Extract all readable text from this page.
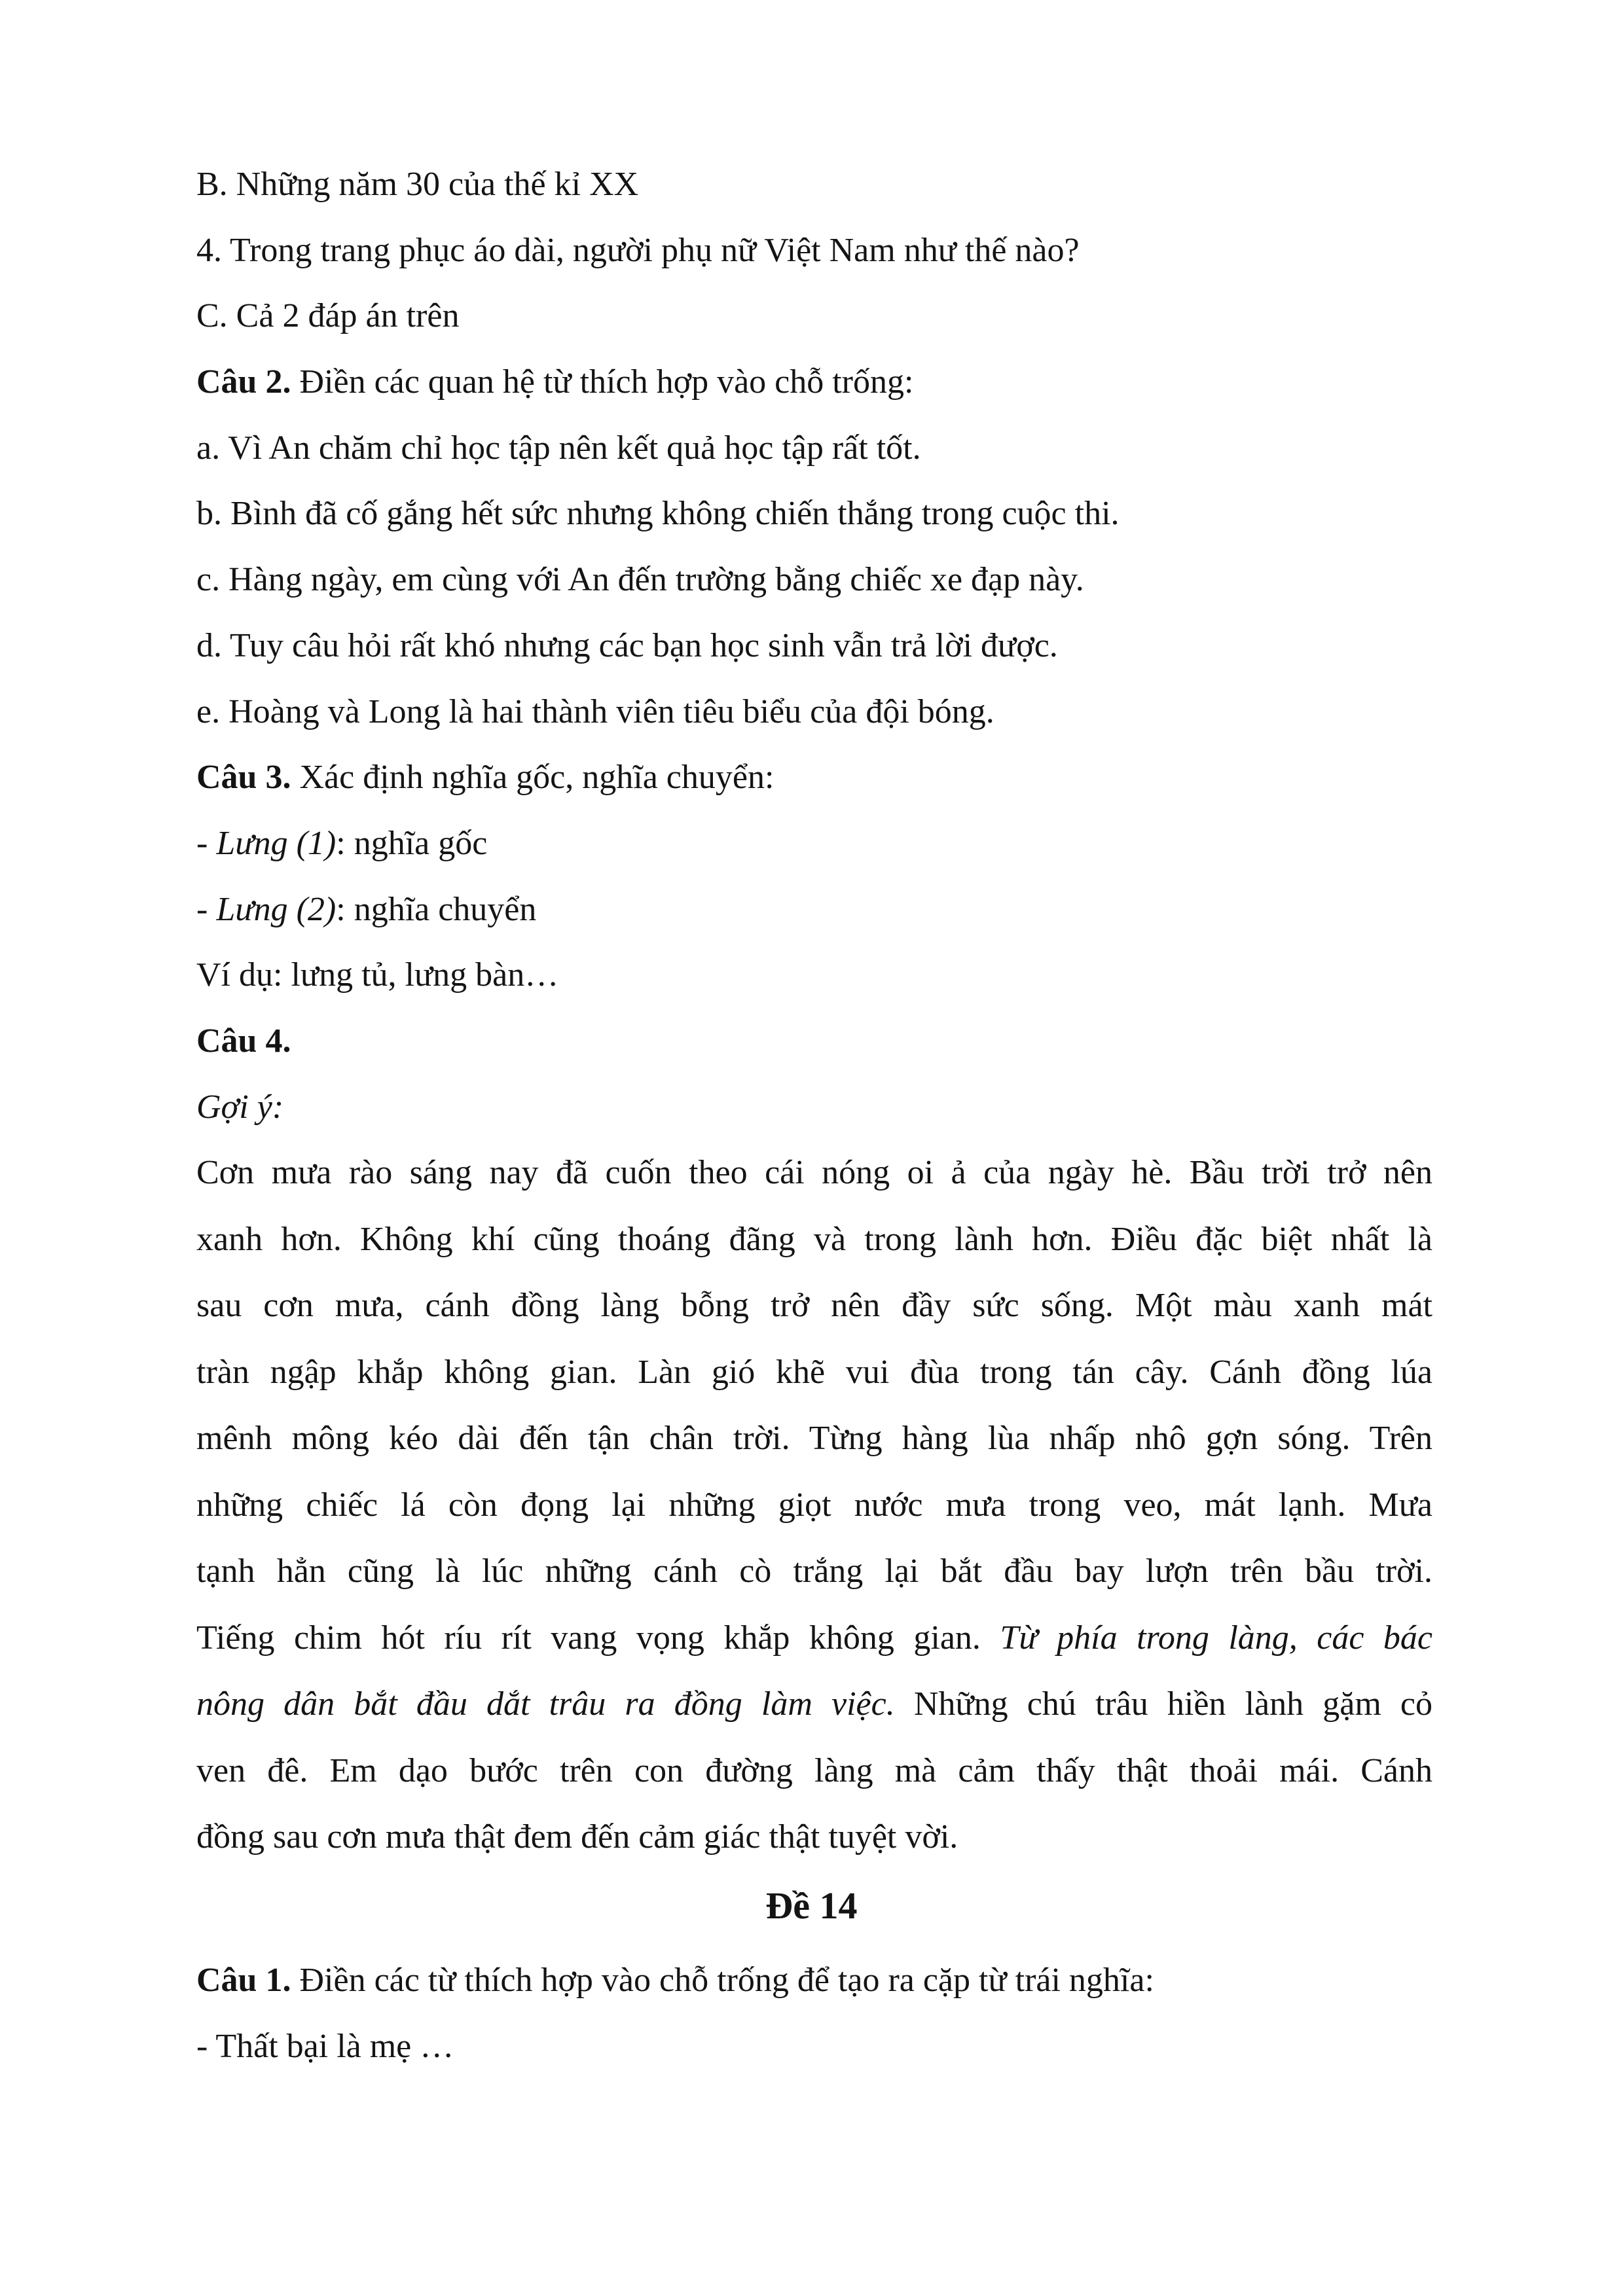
B. Những năm 30 của thế kỉ XX

4. Trong trang phục áo dài, người phụ nữ Việt Nam như thế nào?

C. Cả 2 đáp án trên

Câu 2. Điền các quan hệ từ thích hợp vào chỗ trống:

a. Vì An chăm chỉ học tập nên kết quả học tập rất tốt.

b. Bình đã cố gắng hết sức nhưng không chiến thắng trong cuộc thi.

c. Hàng ngày, em cùng với An đến trường bằng chiếc xe đạp này.

d. Tuy câu hỏi rất khó nhưng các bạn học sinh vẫn trả lời được.

e. Hoàng và Long là hai thành viên tiêu biểu của đội bóng.

Câu 3. Xác định nghĩa gốc, nghĩa chuyển:

- Lưng (1): nghĩa gốc

- Lưng (2): nghĩa chuyển

Ví dụ: lưng tủ, lưng bàn…

Câu 4.

Gợi ý:

Cơn mưa rào sáng nay đã cuốn theo cái nóng oi ả của ngày hè. Bầu trời trở nên
xanh hơn. Không khí cũng thoáng đãng và trong lành hơn. Điều đặc biệt nhất là
sau cơn mưa, cánh đồng làng bỗng trở nên đầy sức sống. Một màu xanh mát
tràn ngập khắp không gian. Làn gió khẽ vui đùa trong tán cây. Cánh đồng lúa
mênh mông kéo dài đến tận chân trời. Từng hàng lùa nhấp nhô gợn sóng. Trên
những chiếc lá còn đọng lại những giọt nước mưa trong veo, mát lạnh. Mưa
tạnh hẳn cũng là lúc những cánh cò trắng lại bắt đầu bay lượn trên bầu trời.
Tiếng chim hót ríu rít vang vọng khắp không gian. Từ phía trong làng, các bác
nông dân bắt đầu dắt trâu ra đồng làm việc. Những chú trâu hiền lành gặm cỏ
ven đê. Em dạo bước trên con đường làng mà cảm thấy thật thoải mái. Cánh
đồng sau cơn mưa thật đem đến cảm giác thật tuyệt vời.

Đề 14

Câu 1. Điền các từ thích hợp vào chỗ trống để tạo ra cặp từ trái nghĩa:

- Thất bại là mẹ …
